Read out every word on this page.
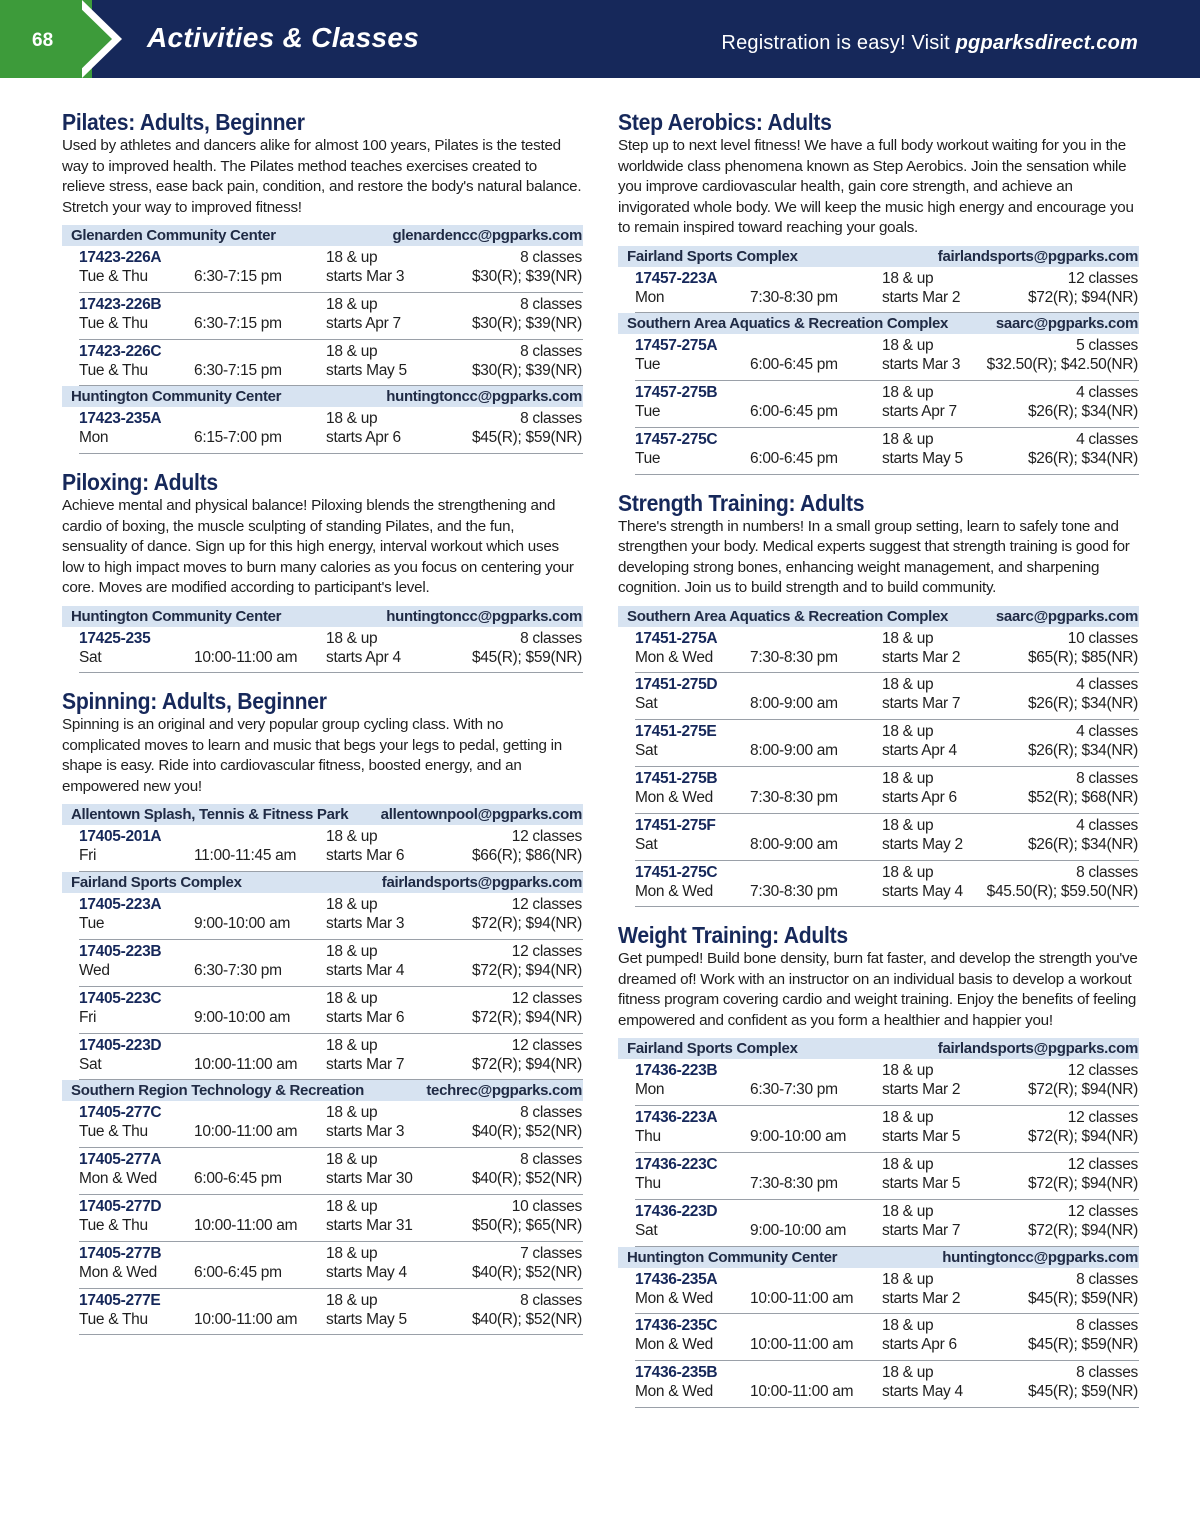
68	Activities & Classes	Registration is easy! Visit pgparksdirect.com
Pilates: Adults, Beginner
Used by athletes and dancers alike for almost 100 years, Pilates is the tested way to improved health. The Pilates method teaches exercises created to relieve stress, ease back pain, condition, and restore the body's natural balance. Stretch your way to improved fitness!
Glenarden Community Center	glenardencc@pgparks.com
17423-226A	18 & up	8 classes
Tue & Thu	6:30-7:15 pm	starts Mar 3	$30(R); $39(NR)
17423-226B	18 & up	8 classes
Tue & Thu	6:30-7:15 pm	starts Apr 7	$30(R); $39(NR)
17423-226C	18 & up	8 classes
Tue & Thu	6:30-7:15 pm	starts May 5	$30(R); $39(NR)
Huntington Community Center	huntingtoncc@pgparks.com
17423-235A	18 & up	8 classes
Mon	6:15-7:00 pm	starts Apr 6	$45(R); $59(NR)
Piloxing: Adults
Achieve mental and physical balance! Piloxing blends the strengthening and cardio of boxing, the muscle sculpting of standing Pilates, and the fun, sensuality of dance. Sign up for this high energy, interval workout which uses low to high impact moves to burn many calories as you focus on centering your core. Moves are modified according to participant's level.
Huntington Community Center	huntingtoncc@pgparks.com
17425-235	18 & up	8 classes
Sat	10:00-11:00 am starts Apr 4	$45(R); $59(NR)
Spinning: Adults, Beginner
Spinning is an original and very popular group cycling class. With no complicated moves to learn and music that begs your legs to pedal, getting in shape is easy. Ride into cardiovascular fitness, boosted energy, and an empowered new you!
Allentown Splash, Tennis & Fitness Park allentownpool@pgparks.com
17405-201A	18 & up	12 classes
Fri	11:00-11:45 am starts Mar 6	$66(R); $86(NR)
Fairland Sports Complex	fairlandsports@pgparks.com
17405-223A	18 & up	12 classes
Tue	9:00-10:00 am starts Mar 3	$72(R); $94(NR)
17405-223B	18 & up	12 classes
Wed	6:30-7:30 pm	starts Mar 4	$72(R); $94(NR)
17405-223C	18 & up	12 classes
Fri	9:00-10:00 am starts Mar 6	$72(R); $94(NR)
17405-223D	18 & up	12 classes
Sat	10:00-11:00 am starts Mar 7	$72(R); $94(NR)
Southern Region Technology & Recreation	techrec@pgparks.com
17405-277C	18 & up	8 classes
Tue & Thu	10:00-11:00 am starts Mar 3	$40(R); $52(NR)
17405-277A	18 & up	8 classes
Mon & Wed 6:00-6:45 pm	starts Mar 30	$40(R); $52(NR)
17405-277D	18 & up	10 classes
Tue & Thu	10:00-11:00 am starts Mar 31	$50(R); $65(NR)
17405-277B	18 & up	7 classes
Mon & Wed 6:00-6:45 pm	starts May 4	$40(R); $52(NR)
17405-277E	18 & up	8 classes
Tue & Thu	10:00-11:00 am starts May 5	$40(R); $52(NR)
Step Aerobics: Adults
Step up to next level fitness! We have a full body workout waiting for you in the worldwide class phenomena known as Step Aerobics. Join the sensation while you improve cardiovascular health, gain core strength, and achieve an invigorated whole body. We will keep the music high energy and encourage you to remain inspired toward reaching your goals.
Fairland Sports Complex	fairlandsports@pgparks.com
17457-223A	18 & up	12 classes
Mon	7:30-8:30 pm	starts Mar 2	$72(R); $94(NR)
Southern Area Aquatics & Recreation Complex	saarc@pgparks.com
17457-275A	18 & up	5 classes
Tue	6:00-6:45 pm	starts Mar 3 $32.50(R); $42.50(NR)
17457-275B	18 & up	4 classes
Tue	6:00-6:45 pm	starts Apr 7	$26(R); $34(NR)
17457-275C	18 & up	4 classes
Tue	6:00-6:45 pm	starts May 5	$26(R); $34(NR)
Strength Training: Adults
There's strength in numbers! In a small group setting, learn to safely tone and strengthen your body. Medical experts suggest that strength training is good for developing strong bones, enhancing weight management, and sharpening cognition. Join us to build strength and to build community.
Southern Area Aquatics & Recreation Complex	saarc@pgparks.com
17451-275A	18 & up	10 classes
Mon & Wed 7:30-8:30 pm	starts Mar 2	$65(R); $85(NR)
17451-275D	18 & up	4 classes
Sat	8:00-9:00 am	starts Mar 7	$26(R); $34(NR)
17451-275E	18 & up	4 classes
Sat	8:00-9:00 am	starts Apr 4	$26(R); $34(NR)
17451-275B	18 & up	8 classes
Mon & Wed 7:30-8:30 pm	starts Apr 6	$52(R); $68(NR)
17451-275F	18 & up	4 classes
Sat	8:00-9:00 am	starts May 2	$26(R); $34(NR)
17451-275C	18 & up	8 classes
Mon & Wed 7:30-8:30 pm	starts May 4 $45.50(R); $59.50(NR)
Weight Training: Adults
Get pumped! Build bone density, burn fat faster, and develop the strength you've dreamed of! Work with an instructor on an individual basis to develop a workout fitness program covering cardio and weight training. Enjoy the benefits of feeling empowered and confident as you form a healthier and happier you!
Fairland Sports Complex	fairlandsports@pgparks.com
17436-223B	18 & up	12 classes
Mon	6:30-7:30 pm	starts Mar 2	$72(R); $94(NR)
17436-223A	18 & up	12 classes
Thu	9:00-10:00 am starts Mar 5	$72(R); $94(NR)
17436-223C	18 & up	12 classes
Thu	7:30-8:30 pm	starts Mar 5	$72(R); $94(NR)
17436-223D	18 & up	12 classes
Sat	9:00-10:00 am starts Mar 7	$72(R); $94(NR)
Huntington Community Center	huntingtoncc@pgparks.com
17436-235A	18 & up	8 classes
Mon & Wed 10:00-11:00 am starts Mar 2	$45(R); $59(NR)
17436-235C	18 & up	8 classes
Mon & Wed 10:00-11:00 am starts Apr 6	$45(R); $59(NR)
17436-235B	18 & up	8 classes
Mon & Wed 10:00-11:00 am starts May 4	$45(R); $59(NR)
